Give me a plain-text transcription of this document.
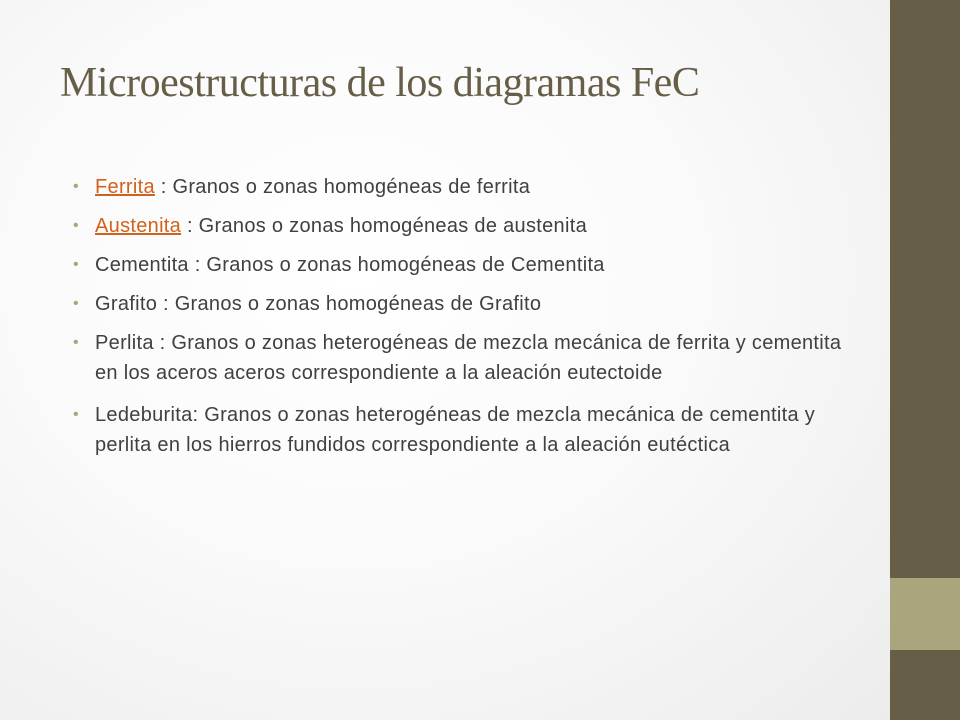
Microestructuras de los diagramas FeC
• Ferrita : Granos o zonas homogéneas de ferrita
• Austenita : Granos o zonas homogéneas de austenita
• Cementita : Granos o zonas homogéneas de Cementita
• Grafito : Granos o zonas homogéneas de Grafito
• Perlita : Granos o zonas heterogéneas de mezcla mecánica de ferrita y cementita en los aceros aceros correspondiente a la aleación eutectoide
• Ledeburita: Granos o zonas heterogéneas de mezcla mecánica de cementita y perlita en los hierros fundidos correspondiente a la aleación eutéctica
